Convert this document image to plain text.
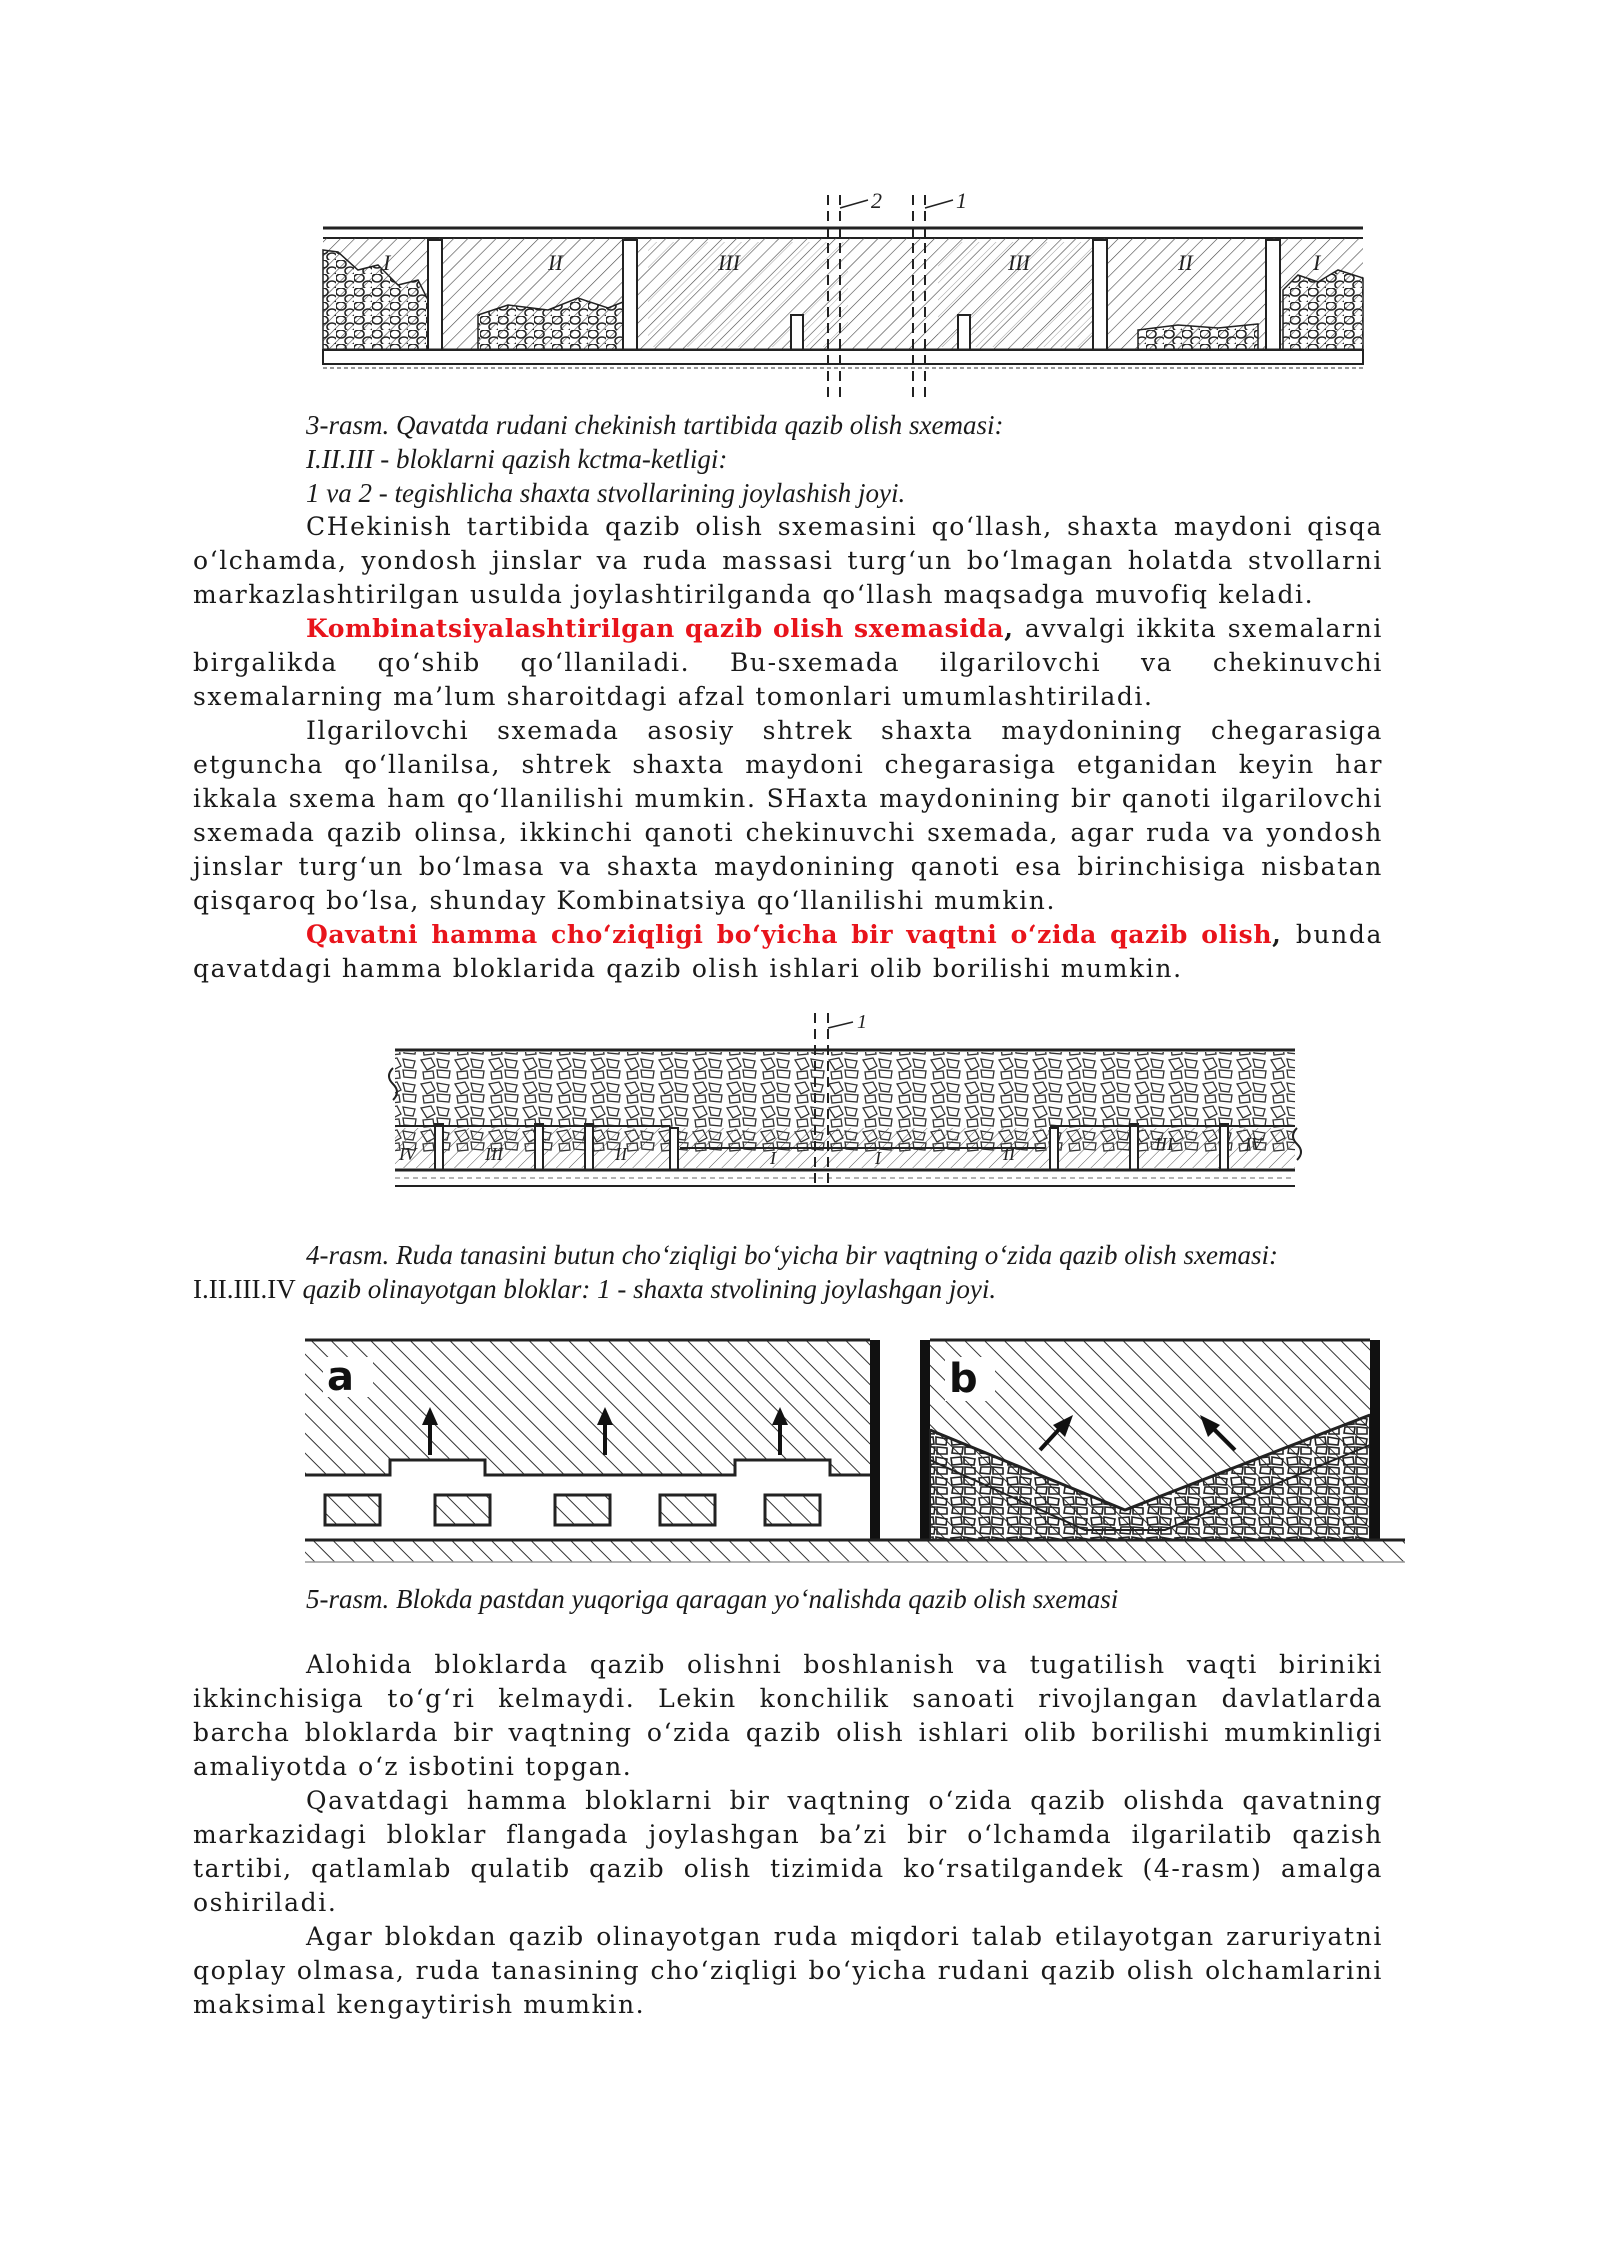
2	1
I	II	III	III	II	I
3-rasm. Qavatda rudani chekinish tartibida qazib olish sxemasi:
I.II.III - bloklarni qazish kctma-ketligi:
1 va 2 - tegishlicha shaxta stvollarining joylashish joyi.

CHekinish tartibida qazib olish sxemasini qo‘llash, shaxta maydoni qisqa o‘lchamda, yondosh jinslar va ruda massasi turg‘un bo‘lmagan holatda stvollarni markazlashtirilgan usulda joylashtirilganda qo‘llash maqsadga muvofiq keladi.

Kombinatsiyalashtirilgan qazib olish sxemasida, avvalgi ikkita sxemalarni birgalikda qo‘shib qo‘llaniladi. Bu-sxemada ilgarilovchi va chekinuvchi sxemalarning ma’lum sharoitdagi afzal tomonlari umumlashtiriladi.

Ilgarilovchi sxemada asosiy shtrek shaxta maydonining chegarasiga etguncha qo‘llanilsa, shtrek shaxta maydoni chegarasiga etganidan keyin har ikkala sxema ham qo‘llanilishi mumkin. SHaxta maydonining bir qanoti ilgarilovchi sxemada qazib olinsa, ikkinchi qanoti chekinuvchi sxemada, agar ruda va yondosh jinslar turg‘un bo‘lmasa va shaxta maydonining qanoti esa birinchisiga nisbatan qisqaroq bo‘lsa, shunday Kombinatsiya qo‘llanilishi mumkin.

Qavatni hamma cho‘ziqligi bo‘yicha bir vaqtni o‘zida qazib olish, bunda qavatdagi hamma bloklarida qazib olish ishlari olib borilishi mumkin.

1
IV	III	II	I	I	II	III	IV
4-rasm. Ruda tanasini butun cho‘ziqligi bo‘yicha bir vaqtning o‘zida qazib olish sxemasi:
I.II.III.IV qazib olinayotgan bloklar: 1 - shaxta stvolining joylashgan joyi.
a	b
5-rasm. Blokda pastdan yuqoriga qaragan yo‘nalishda qazib olish sxemasi

Alohida bloklarda qazib olishni boshlanish va tugatilish vaqti biriniki ikkinchisiga to‘g‘ri kelmaydi. Lekin konchilik sanoati rivojlangan davlatlarda barcha bloklarda bir vaqtning o‘zida qazib olish ishlari olib borilishi mumkinligi amaliyotda o‘z isbotini topgan.

Qavatdagi hamma bloklarni bir vaqtning o‘zida qazib olishda qavatning markazidagi bloklar flangada joylashgan ba’zi bir o‘lchamda ilgarilatib qazish tartibi, qatlamlab qulatib qazib olish tizimida ko‘rsatilgandek (4-rasm) amalga oshiriladi.

Agar blokdan qazib olinayotgan ruda miqdori talab etilayotgan zaruriyatni qoplay olmasa, ruda tanasining cho‘ziqligi bo‘yicha rudani qazib olish olchamlarini maksimal kengaytirish mumkin.
